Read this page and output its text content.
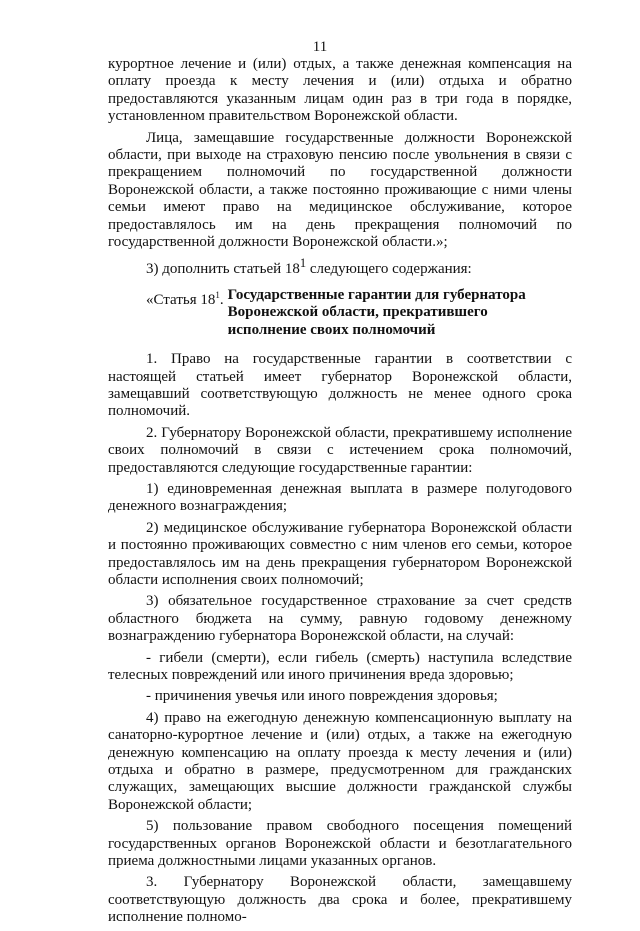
11

курортное лечение и (или) отдых, а также денежная компенсация на оплату проезда к месту лечения и (или) отдыха и обратно предоставляются указанным лицам один раз в три года в порядке, установленном правительством Воронежской области.

Лица, замещавшие государственные должности Воронежской области, при выходе на страховую пенсию после увольнения в связи с прекращением полномочий по государственной должности Воронежской области, а также постоянно проживающие с ними члены семьи имеют право на медицинское обслуживание, которое предоставлялось им на день прекращения полномочий по государственной должности Воронежской области.»;

3) дополнить статьей $18^1$ следующего содержания:

«Статья $18^1$. Государственные гарантии для губернатора
Воронежской области, прекратившего исполнение своих полномочий

1. Право на государственные гарантии в соответствии с настоящей статьей имеет губернатор Воронежской области, замещавший соответствующую должность не менее одного срока полномочий.

2. Губернатору Воронежской области, прекратившему исполнение своих полномочий в связи с истечением срока полномочий, предоставляются следующие государственные гарантии:

1) единовременная денежная выплата в размере полугодового денежного вознаграждения;

2) медицинское обслуживание губернатора Воронежской области и постоянно проживающих совместно с ним членов его семьи, которое предоставлялось им на день прекращения губернатором Воронежской области исполнения своих полномочий;

3) обязательное государственное страхование за счет средств областного бюджета на сумму, равную годовому денежному вознаграждению губернатора Воронежской области, на случай:

- гибели (смерти), если гибель (смерть) наступила вследствие телесных повреждений или иного причинения вреда здоровью;

- причинения увечья или иного повреждения здоровья;

4) право на ежегодную денежную компенсационную выплату на санаторно-курортное лечение и (или) отдых, а также на ежегодную денежную компенсацию на оплату проезда к месту лечения и (или) отдыха и обратно в размере, предусмотренном для гражданских служащих, замещающих высшие должности гражданской службы Воронежской области;

5) пользование правом свободного посещения помещений государственных органов Воронежской области и безотлагательного приема должностными лицами указанных органов.

3. Губернатору Воронежской области, замещавшему соответствующую должность два срока и более, прекратившему исполнение полномо-
